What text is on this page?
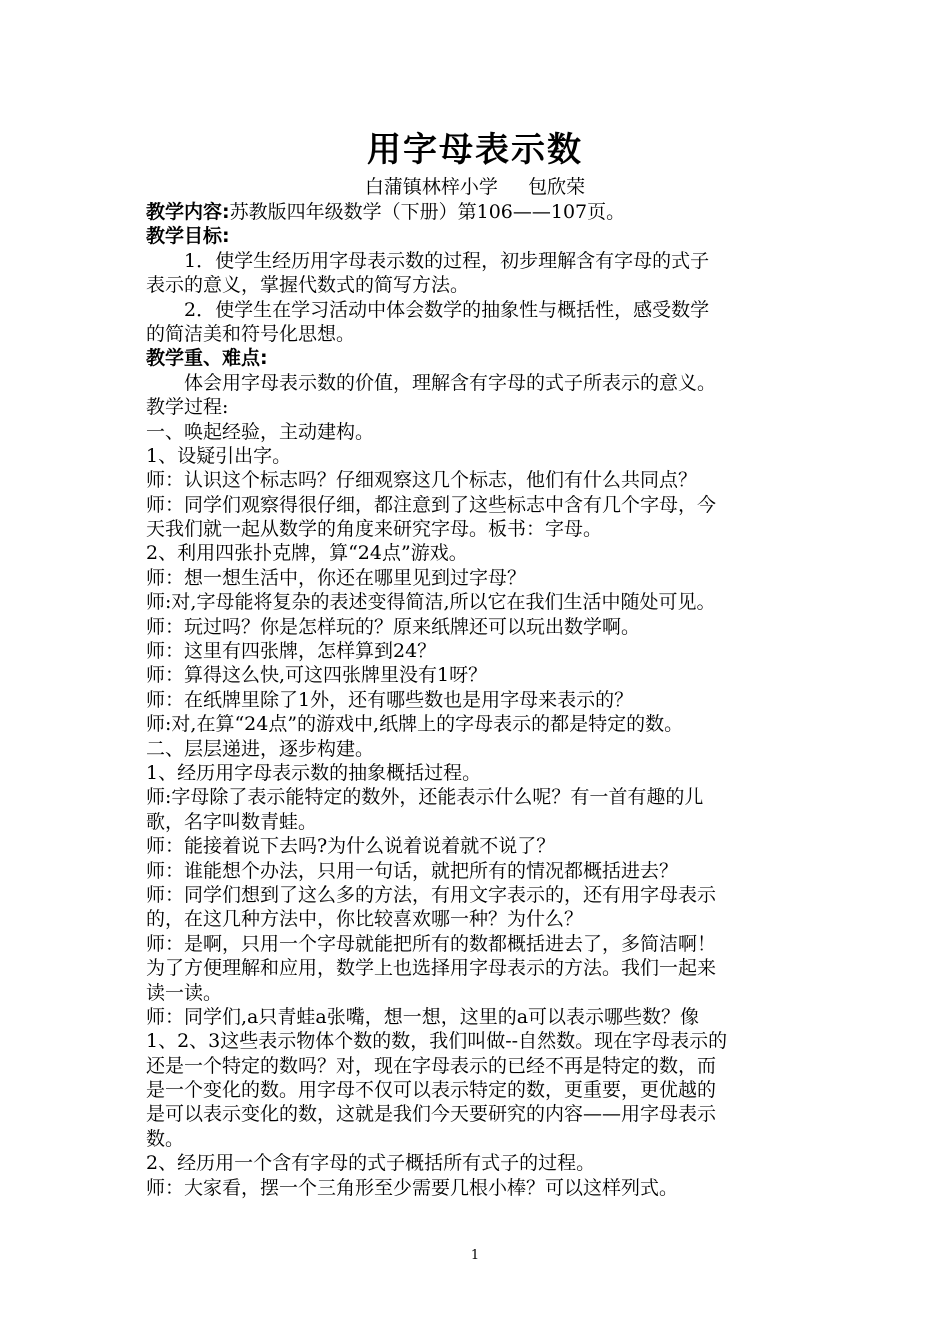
用字母表示数
白蒲镇林梓小学     包欣荣
教学内容:苏教版四年级数学（下册）第106——107页。
教学目标:
1．使学生经历用字母表示数的过程，初步理解含有字母的式子
表示的意义，掌握代数式的简写方法。
2．使学生在学习活动中体会数学的抽象性与概括性，感受数学
的简洁美和符号化思想。
教学重、难点:
体会用字母表示数的价值，理解含有字母的式子所表示的意义。
教学过程:
一、唤起经验，主动建构。
1、设疑引出字。
师：认识这个标志吗？仔细观察这几个标志，他们有什么共同点？
师：同学们观察得很仔细，都注意到了这些标志中含有几个字母，今
天我们就一起从数学的角度来研究字母。板书：字母。
2、利用四张扑克牌，算“24点”游戏。
师：想一想生活中，你还在哪里见到过字母？
师:对,字母能将复杂的表述变得简洁,所以它在我们生活中随处可见。
师：玩过吗？你是怎样玩的？原来纸牌还可以玩出数学啊。
师：这里有四张牌，怎样算到24？
师：算得这么快,可这四张牌里没有1呀？
师：在纸牌里除了1外，还有哪些数也是用字母来表示的？
师:对,在算“24点”的游戏中,纸牌上的字母表示的都是特定的数。
二、层层递进，逐步构建。
1、经历用字母表示数的抽象概括过程。
师:字母除了表示能特定的数外，还能表示什么呢？有一首有趣的儿
歌，名字叫数青蛙。
师：能接着说下去吗?为什么说着说着就不说了？
师：谁能想个办法，只用一句话，就把所有的情况都概括进去？
师：同学们想到了这么多的方法，有用文字表示的，还有用字母表示
的，在这几种方法中，你比较喜欢哪一种？为什么？
师：是啊，只用一个字母就能把所有的数都概括进去了，多简洁啊！
为了方便理解和应用，数学上也选择用字母表示的方法。我们一起来
读一读。
师：同学们,a只青蛙a张嘴，想一想，这里的a可以表示哪些数？像
1、2、3这些表示物体个数的数，我们叫做--自然数。现在字母表示的
还是一个特定的数吗？对，现在字母表示的已经不再是特定的数，而
是一个变化的数。用字母不仅可以表示特定的数，更重要，更优越的
是可以表示变化的数，这就是我们今天要研究的内容——用字母表示
数。
2、经历用一个含有字母的式子概括所有式子的过程。
师：大家看，摆一个三角形至少需要几根小棒？可以这样列式。
1
